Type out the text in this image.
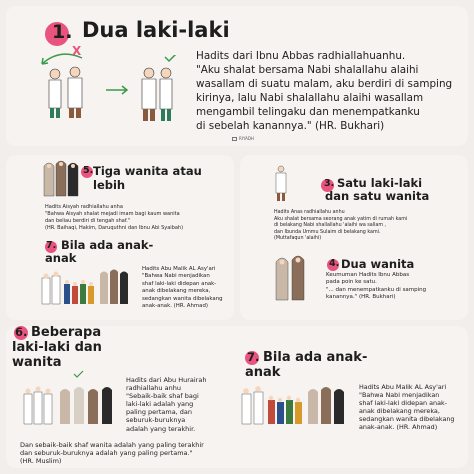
1. Dua laki-laki
X	Hadits dari Ibnu Abbas radhiallahuanhu.
"Aku shalat bersama Nabi shalallahu alaihi
wasallam di suatu malam, aku berdiri di samping
kirinya, lalu Nabi shalallahu alaihi wasallam
mengambil telingaku dan menempatkanku
di sebelah kanannya." (HR. Bukhari)
RIYADH
5. Tiga wanita atau
lebih
Hadits Aisyah radhiallahu anha
"Bahwa Aisyah shalat mejadi imam bagi kaum wanita
dan beliau berdiri di tengah shaf."
(HR. Baihaqi, Hakim, Daruquthni dan Ibnu Abi Syaibah)
7. Bila ada anak-
anak
Hadits Abu Malik AL Asy'ari
"Bahwa Nabi menjadikan
shaf laki-laki didepan anak-
anak dibelakang mereka,
sedangkan wanita dibelakang
anak-anak. (HR. Ahmad)
3. Satu laki-laki
dan satu wanita
Hadits Anas radhiallahu anhu
Aku shalat bersama seorang anak yatim di rumah kami
di belakang Nabi shallallahu 'alaihi wa sallam ,
dan Ibunda Ummu Sulaim di belakang kami.
(Muttafaqun 'alaihi)
4. Dua wanita
Keumuman Hadits Ibnu Abbas
pada poin ke satu.
"... dan menempatkanku di samping
kanannya." (HR. Bukhari)
6. Beberapa
laki-laki dan
wanita
Hadits dari Abu Hurairah
radhiallahu anhu
"Sebaik-baik shaf bagi
laki-laki adalah yang
paling pertama, dan
seburuk-buruknya
adalah yang terakhir.
Dan sebaik-baik shaf wanita adalah yang paling terakhir
dan seburuk-buruknya adalah yang paling pertama."
(HR. Muslim)
7. Bila ada anak-
anak
Hadits Abu Malik AL Asy'ari
"Bahwa Nabi menjadikan
shaf laki-laki didepan anak-
anak dibelakang mereka,
sedangkan wanita dibelakang
anak-anak. (HR. Ahmad)
